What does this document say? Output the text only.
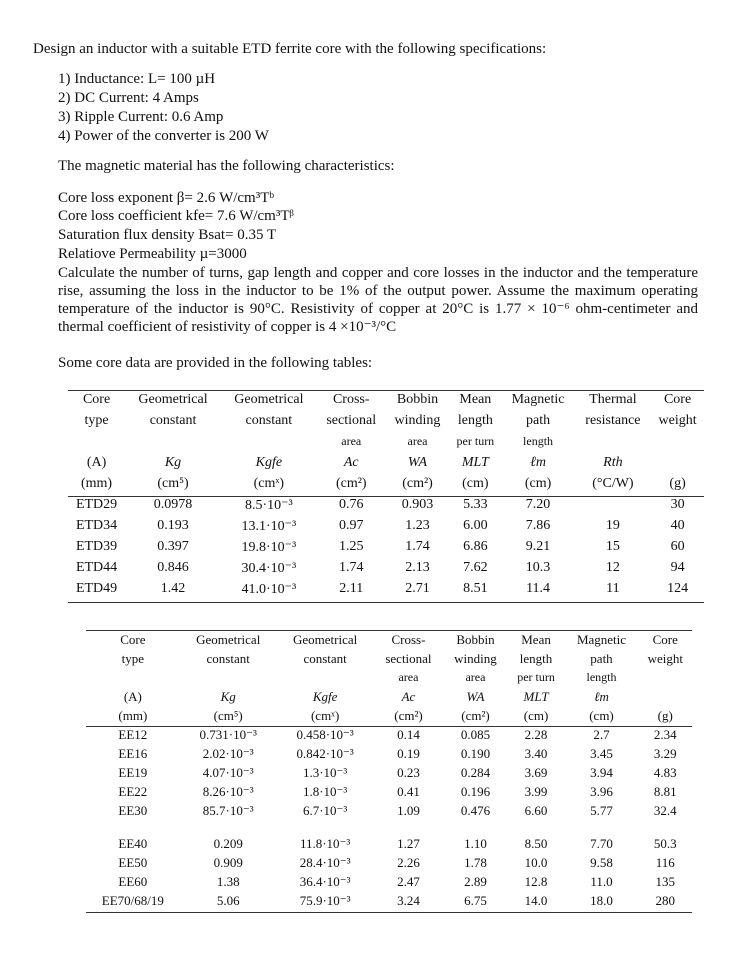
Design an inductor with a suitable ETD ferrite core with the following specifications:
1) Inductance: L= 100 µH
2) DC Current: 4 Amps
3) Ripple Current: 0.6 Amp
4) Power of the converter is 200 W
The magnetic material has the following characteristics:
Core loss exponent β= 2.6 W/cm³Tᵇ
Core loss coefficient kfe= 7.6 W/cm³Tᵝ
Saturation flux density Bsat= 0.35 T
Relatiove Permeability µ=3000
Calculate the number of turns, gap length and copper and core losses in the inductor and the temperature rise, assuming the loss in the inductor to be 1% of the output power. Assume the maximum operating temperature of the inductor is 90°C. Resistivity of copper at 20°C is 1.77 × 10⁻⁶ ohm-centimeter and thermal coefficient of resistivity of copper is 4 ×10⁻³/°C
Some core data are provided in the following tables:
Core	Geometrical	Geometrical	Cross-	Bobbin	Mean	Magnetic	Thermal	Core
type	constant	constant	sectional	winding	length	path	resistance	weight
			area	area	per turn	length		
(A)	Kg	Kgfe	Ac	WA	MLT	ℓm	Rth	
(mm)	(cm⁵)	(cmˣ)	(cm²)	(cm²)	(cm)	(cm)	(°C/W)	(g)
ETD29	0.0978	8.5·10⁻³	0.76	0.903	5.33	7.20		30
ETD34	0.193	13.1·10⁻³	0.97	1.23	6.00	7.86	19	40
ETD39	0.397	19.8·10⁻³	1.25	1.74	6.86	9.21	15	60
ETD44	0.846	30.4·10⁻³	1.74	2.13	7.62	10.3	12	94
ETD49	1.42	41.0·10⁻³	2.11	2.71	8.51	11.4	11	124
Core	Geometrical	Geometrical	Cross-	Bobbin	Mean	Magnetic	Core
type	constant	constant	sectional	winding	length	path	weight
			area	area	per turn	length	
(A)	Kg	Kgfe	Ac	WA	MLT	ℓm	
(mm)	(cm⁵)	(cmˣ)	(cm²)	(cm²)	(cm)	(cm)	(g)
EE12	0.731·10⁻³	0.458·10⁻³	0.14	0.085	2.28	2.7	2.34
EE16	2.02·10⁻³	0.842·10⁻³	0.19	0.190	3.40	3.45	3.29
EE19	4.07·10⁻³	1.3·10⁻³	0.23	0.284	3.69	3.94	4.83
EE22	8.26·10⁻³	1.8·10⁻³	0.41	0.196	3.99	3.96	8.81
EE30	85.7·10⁻³	6.7·10⁻³	1.09	0.476	6.60	5.77	32.4

EE40	0.209	11.8·10⁻³	1.27	1.10	8.50	7.70	50.3
EE50	0.909	28.4·10⁻³	2.26	1.78	10.0	9.58	116
EE60	1.38	36.4·10⁻³	2.47	2.89	12.8	11.0	135
EE70/68/19	5.06	75.9·10⁻³	3.24	6.75	14.0	18.0	280
